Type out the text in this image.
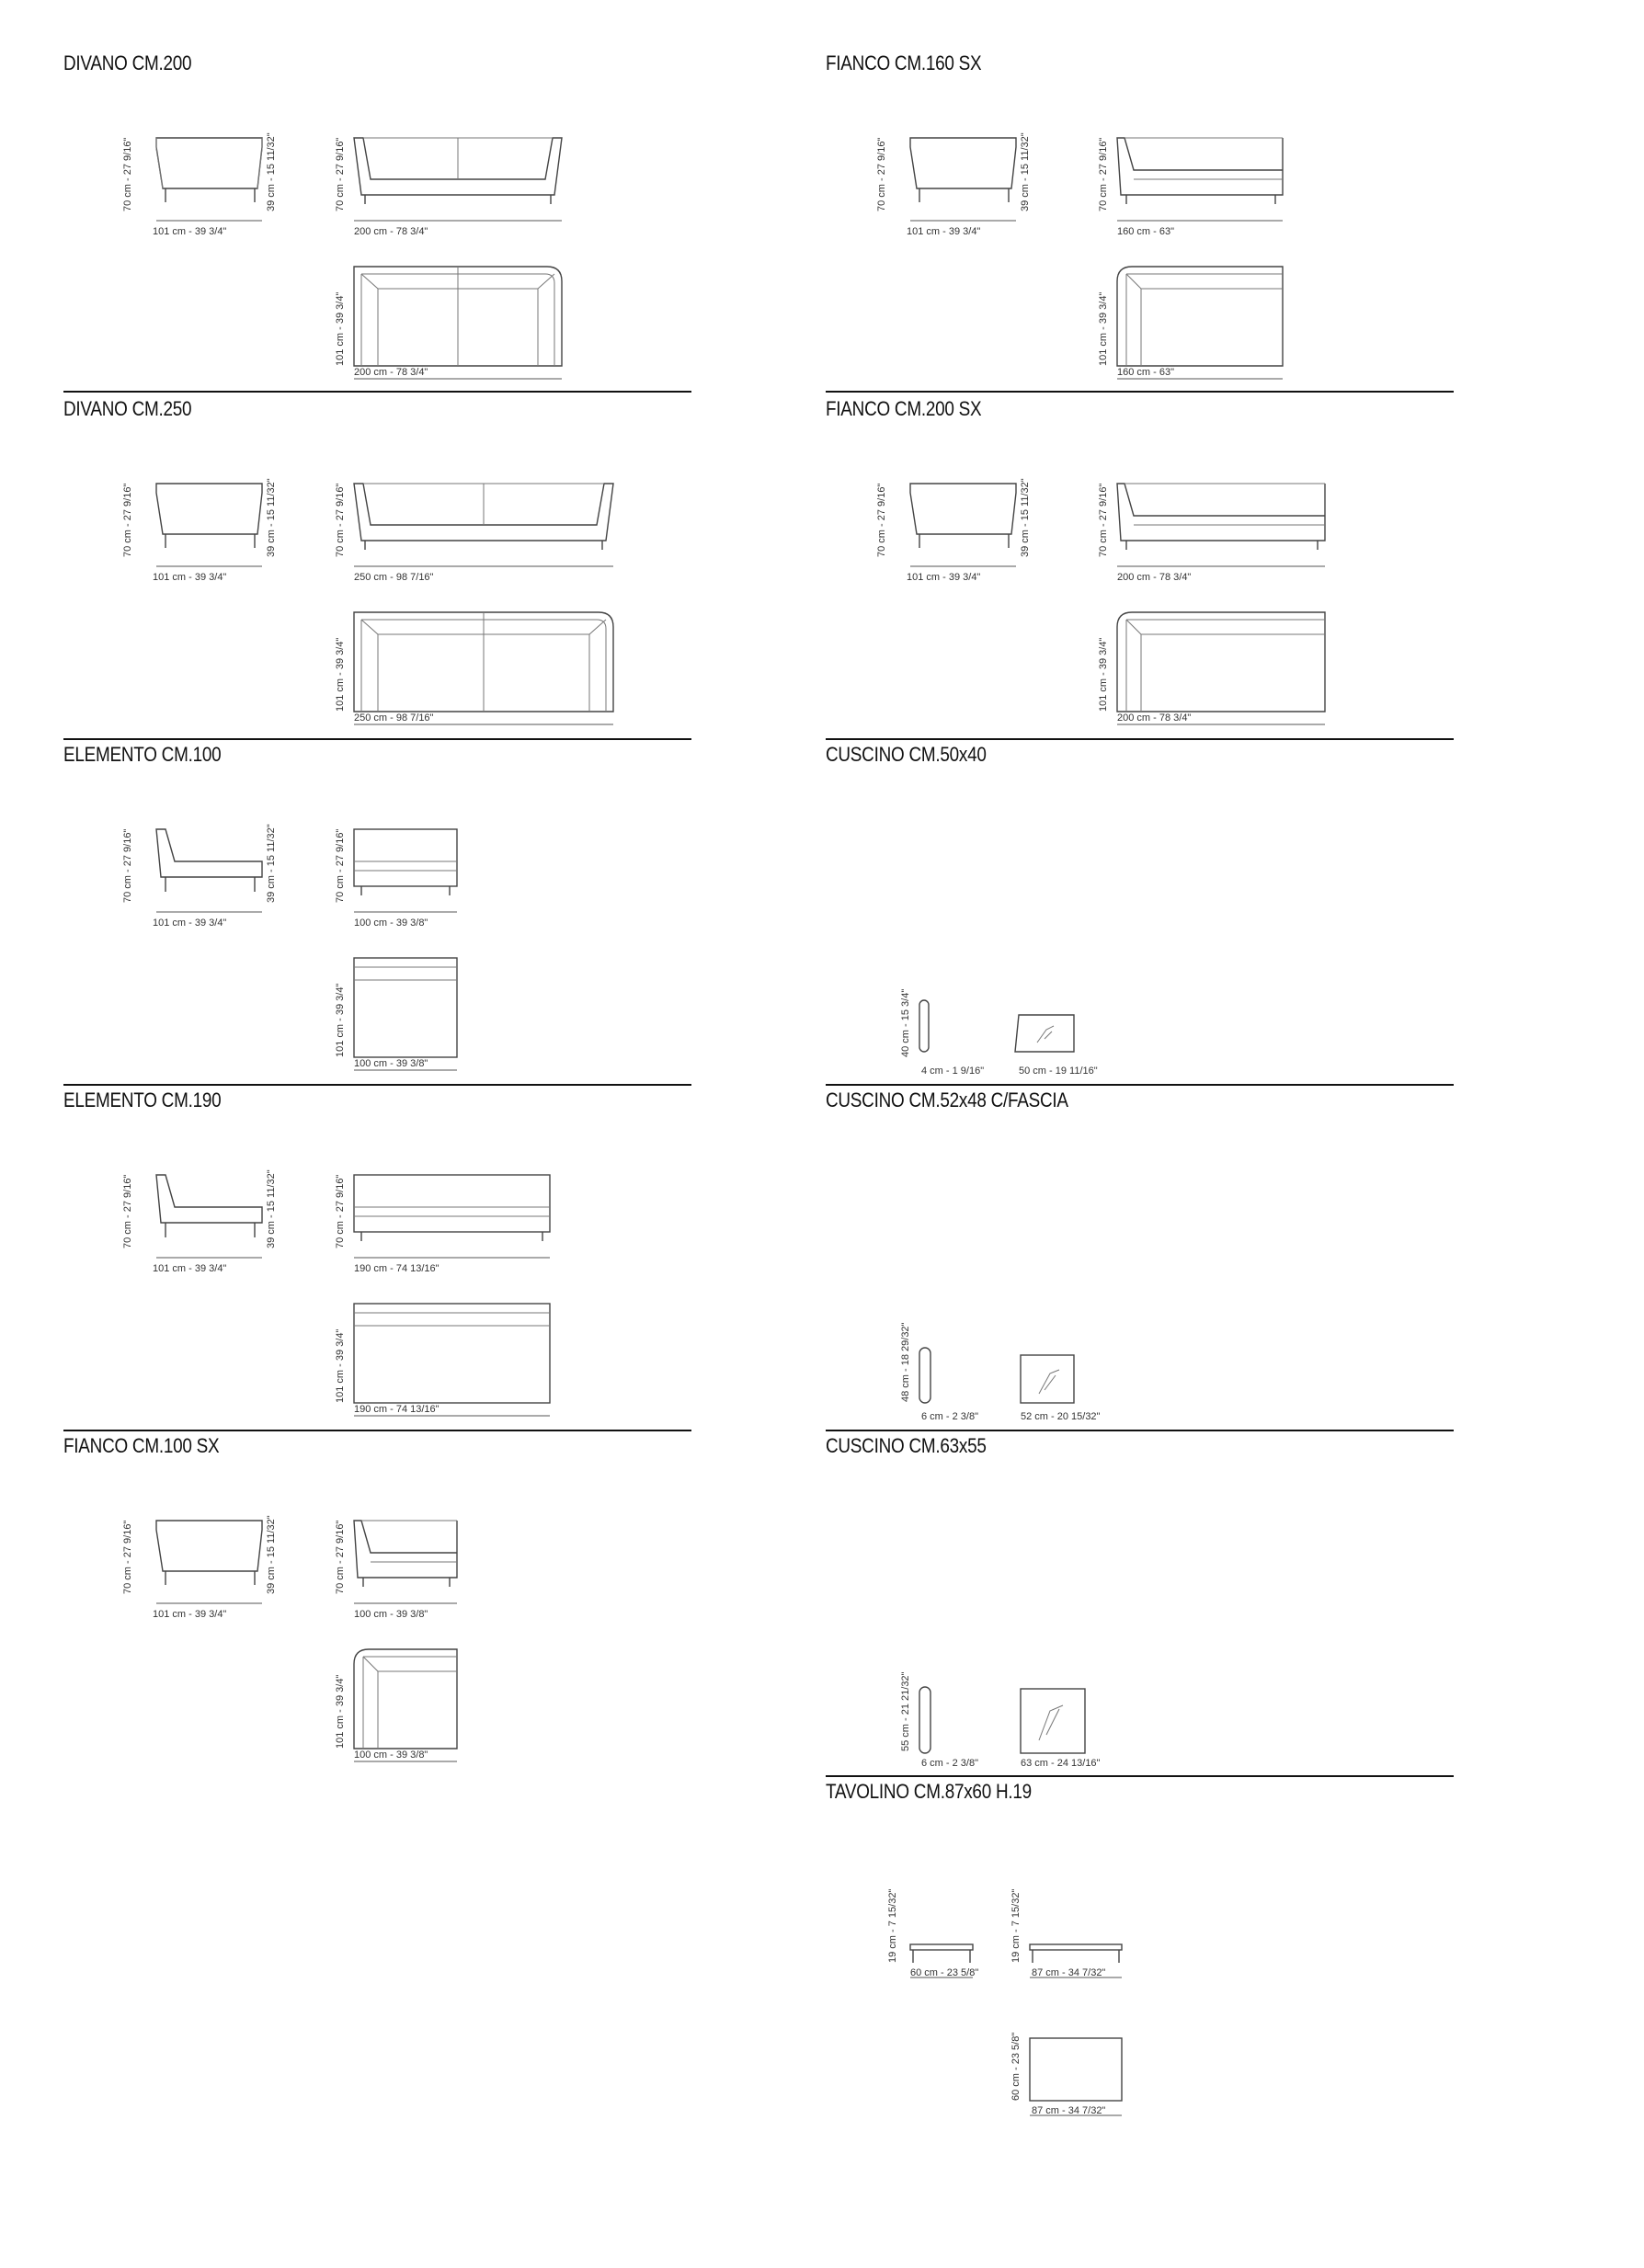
DIVANO CM.200
70 cm - 27 9/16"	39 cm - 15 11/32"
101 cm - 39 3/4"
70 cm - 27 9/16"
200 cm - 78 3/4"
101 cm - 39 3/4"
200 cm - 78 3/4"
DIVANO CM.250
70 cm - 27 9/16"	39 cm - 15 11/32"
101 cm - 39 3/4"
70 cm - 27 9/16"
250 cm - 98 7/16"
101 cm - 39 3/4"
250 cm - 98 7/16"
ELEMENTO CM.100
70 cm - 27 9/16"	39 cm - 15 11/32"
101 cm - 39 3/4"
70 cm - 27 9/16"
100 cm - 39 3/8"
101 cm - 39 3/4"
100 cm - 39 3/8"
ELEMENTO CM.190
70 cm - 27 9/16"	39 cm - 15 11/32"
101 cm - 39 3/4"
70 cm - 27 9/16"
190 cm - 74 13/16"
101 cm - 39 3/4"
190 cm - 74 13/16"
FIANCO CM.100 SX
70 cm - 27 9/16"	39 cm - 15 11/32"
101 cm - 39 3/4"
70 cm - 27 9/16"
100 cm - 39 3/8"
101 cm - 39 3/4"
100 cm - 39 3/8"
FIANCO CM.160 SX
70 cm - 27 9/16"	39 cm - 15 11/32"
101 cm - 39 3/4"
70 cm - 27 9/16"
160 cm - 63"
101 cm - 39 3/4"
160 cm - 63"
FIANCO CM.200 SX
70 cm - 27 9/16"	39 cm - 15 11/32"
101 cm - 39 3/4"
70 cm - 27 9/16"
200 cm - 78 3/4"
101 cm - 39 3/4"
200 cm - 78 3/4"
CUSCINO CM.50x40
40 cm - 15 3/4"
4 cm - 1 9/16"	50 cm - 19 11/16"
CUSCINO CM.52x48 C/FASCIA
48 cm - 18 29/32"
6 cm - 2 3/8"	52 cm - 20 15/32"
CUSCINO CM.63x55
55 cm - 21 21/32"
6 cm - 2 3/8"	63 cm - 24 13/16"
TAVOLINO CM.87x60 H.19
19 cm - 7 15/32"
60 cm - 23 5/8"
19 cm - 7 15/32"
87 cm - 34 7/32"
60 cm - 23 5/8"
87 cm - 34 7/32"
